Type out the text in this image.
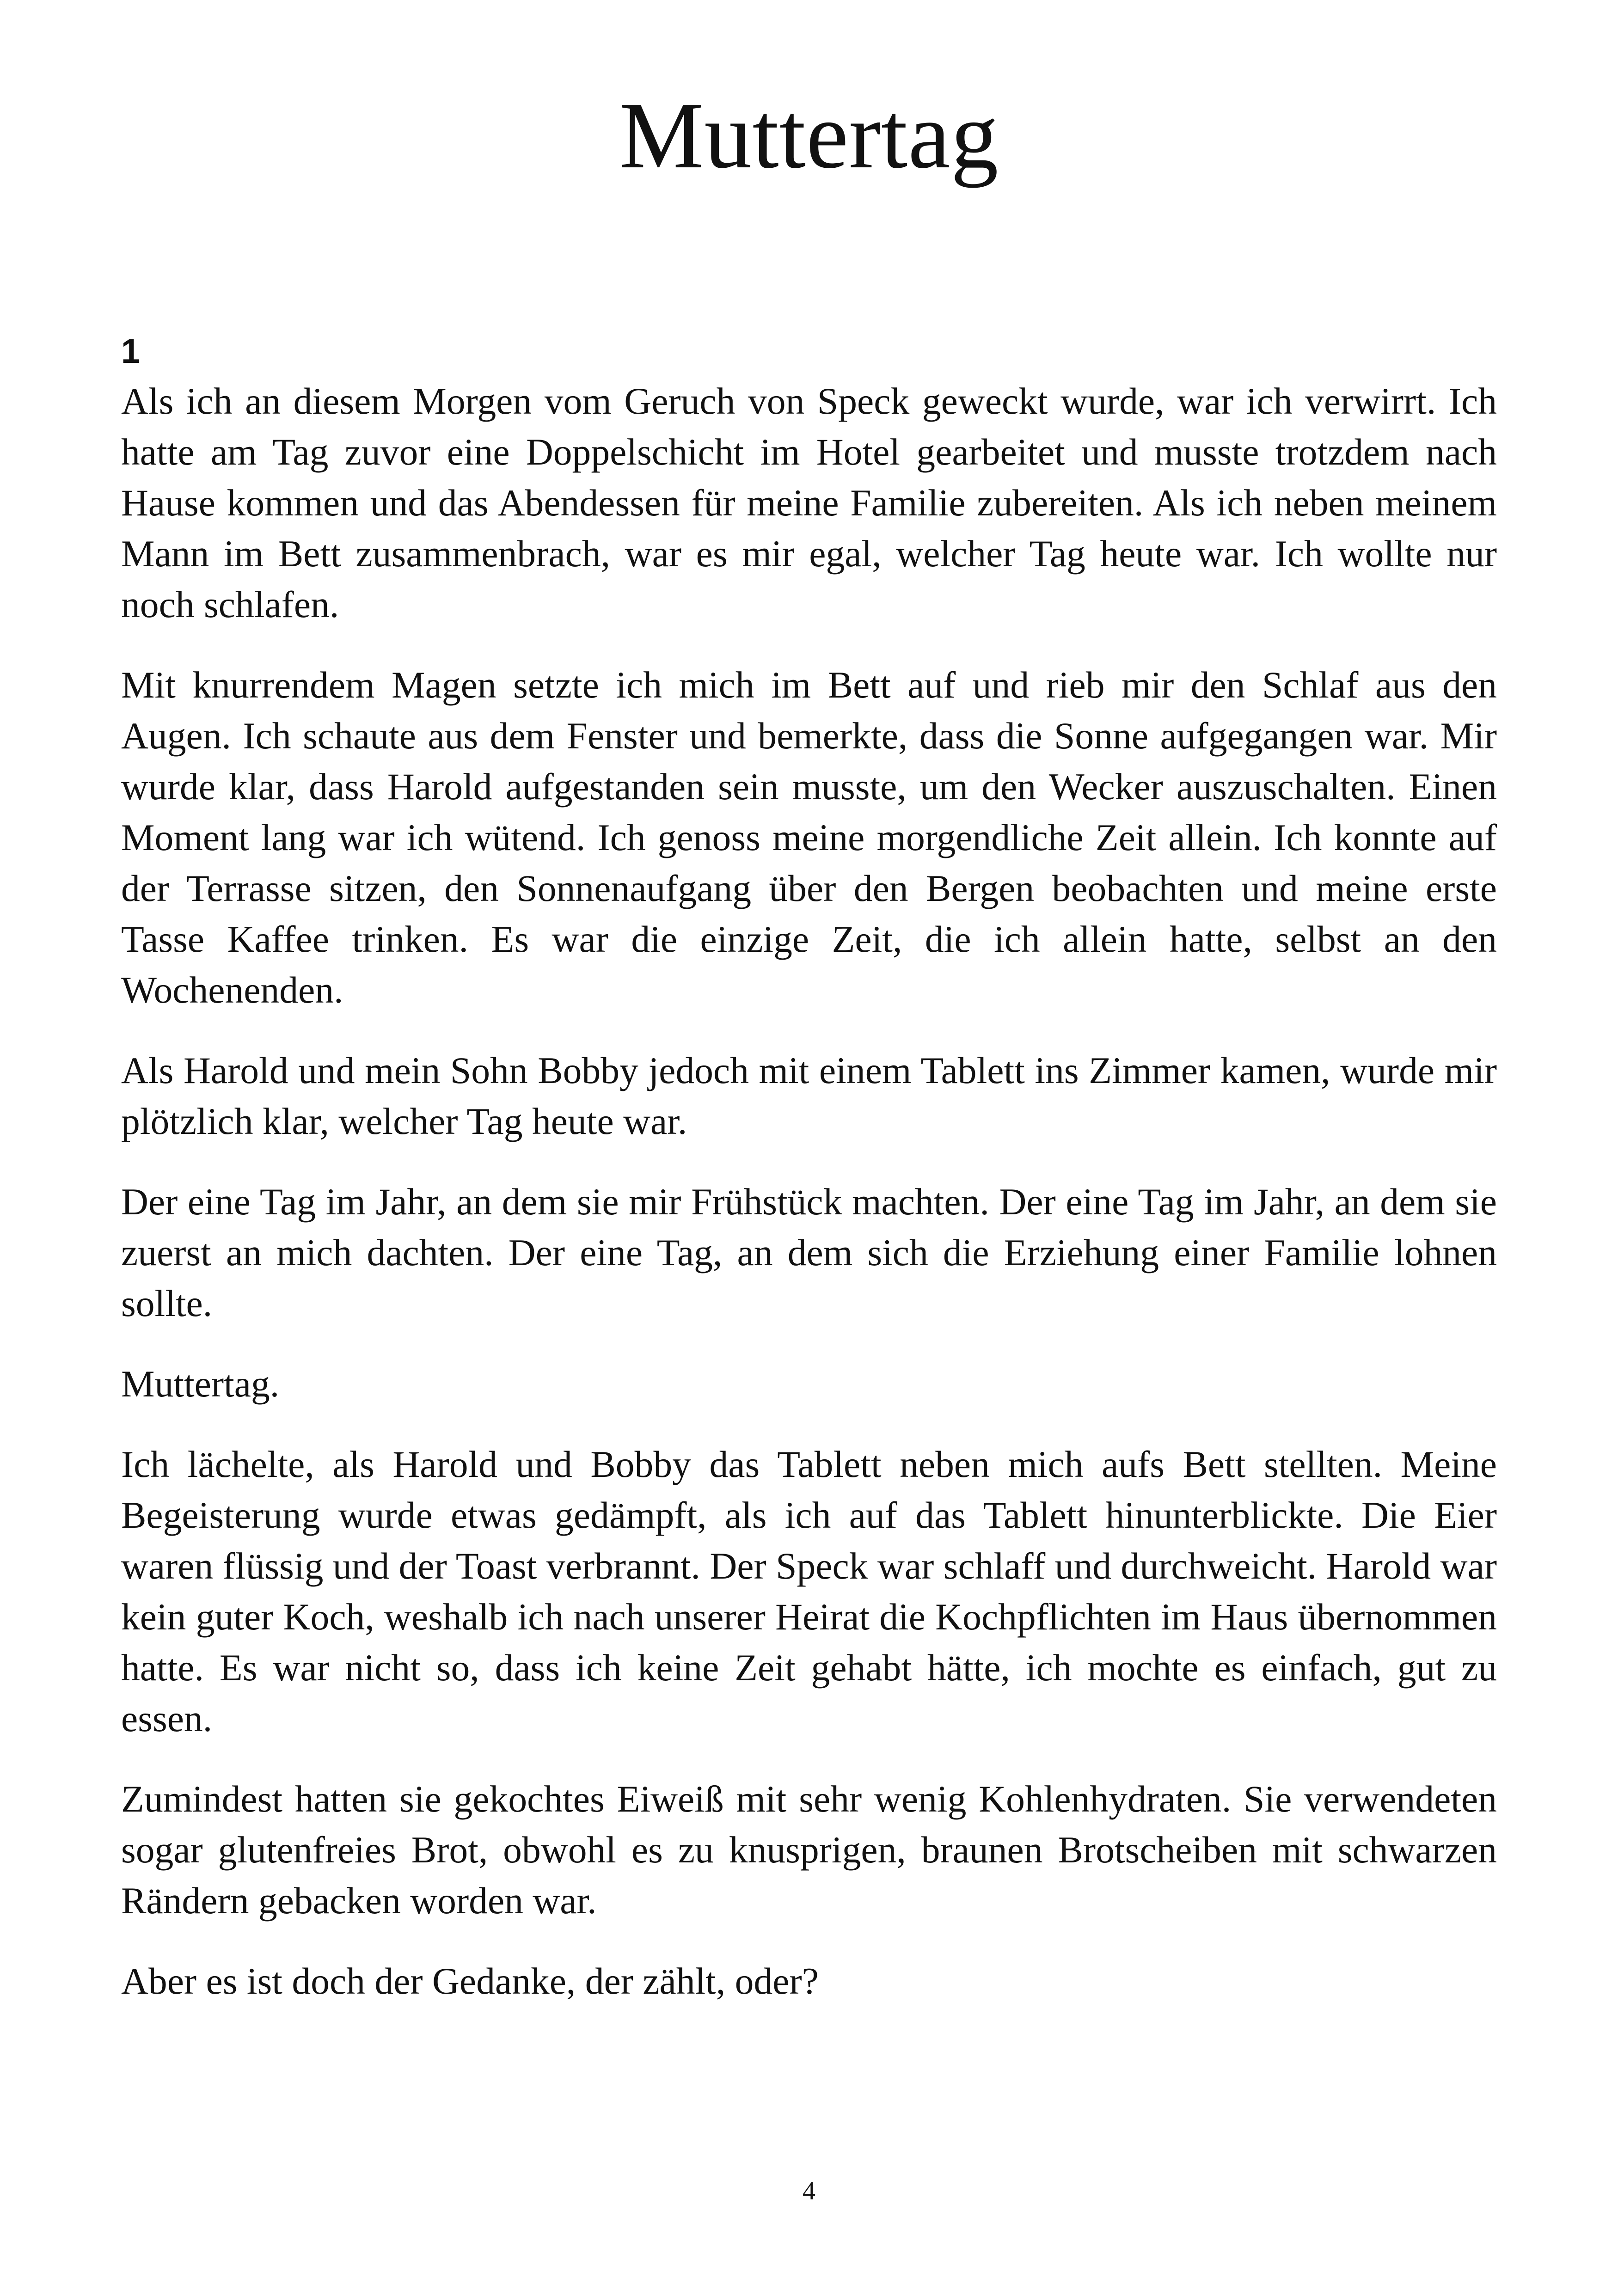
Muttertag
1

Als ich an diesem Morgen vom Geruch von Speck geweckt wurde, war ich verwirrt. Ich hatte am Tag zuvor eine Doppelschicht im Hotel gearbeitet und musste trotzdem nach Hause kommen und das Abendessen für meine Familie zubereiten. Als ich neben meinem Mann im Bett zusammenbrach, war es mir egal, welcher Tag heute war. Ich wollte nur noch schlafen.

Mit knurrendem Magen setzte ich mich im Bett auf und rieb mir den Schlaf aus den Augen. Ich schaute aus dem Fenster und bemerkte, dass die Sonne aufgegangen war. Mir wurde klar, dass Harold aufgestanden sein musste, um den Wecker auszuschalten. Einen Moment lang war ich wütend. Ich genoss meine morgendliche Zeit allein. Ich konnte auf der Terrasse sitzen, den Sonnenaufgang über den Bergen beobachten und meine erste Tasse Kaffee trinken. Es war die einzige Zeit, die ich allein hatte, selbst an den Wochenenden.

Als Harold und mein Sohn Bobby jedoch mit einem Tablett ins Zimmer kamen, wurde mir plötzlich klar, welcher Tag heute war.

Der eine Tag im Jahr, an dem sie mir Frühstück machten. Der eine Tag im Jahr, an dem sie zuerst an mich dachten. Der eine Tag, an dem sich die Erziehung einer Familie lohnen sollte.

Muttertag.

Ich lächelte, als Harold und Bobby das Tablett neben mich aufs Bett stellten. Meine Begeisterung wurde etwas gedämpft, als ich auf das Tablett hinunterblickte. Die Eier waren flüssig und der Toast verbrannt. Der Speck war schlaff und durchweicht. Harold war kein guter Koch, weshalb ich nach unserer Heirat die Kochpflichten im Haus übernommen hatte. Es war nicht so, dass ich keine Zeit gehabt hätte, ich mochte es einfach, gut zu essen.

Zumindest hatten sie gekochtes Eiweiß mit sehr wenig Kohlenhydraten. Sie verwendeten sogar glutenfreies Brot, obwohl es zu knusprigen, braunen Brotscheiben mit schwarzen Rändern gebacken worden war.

Aber es ist doch der Gedanke, der zählt, oder?

4
